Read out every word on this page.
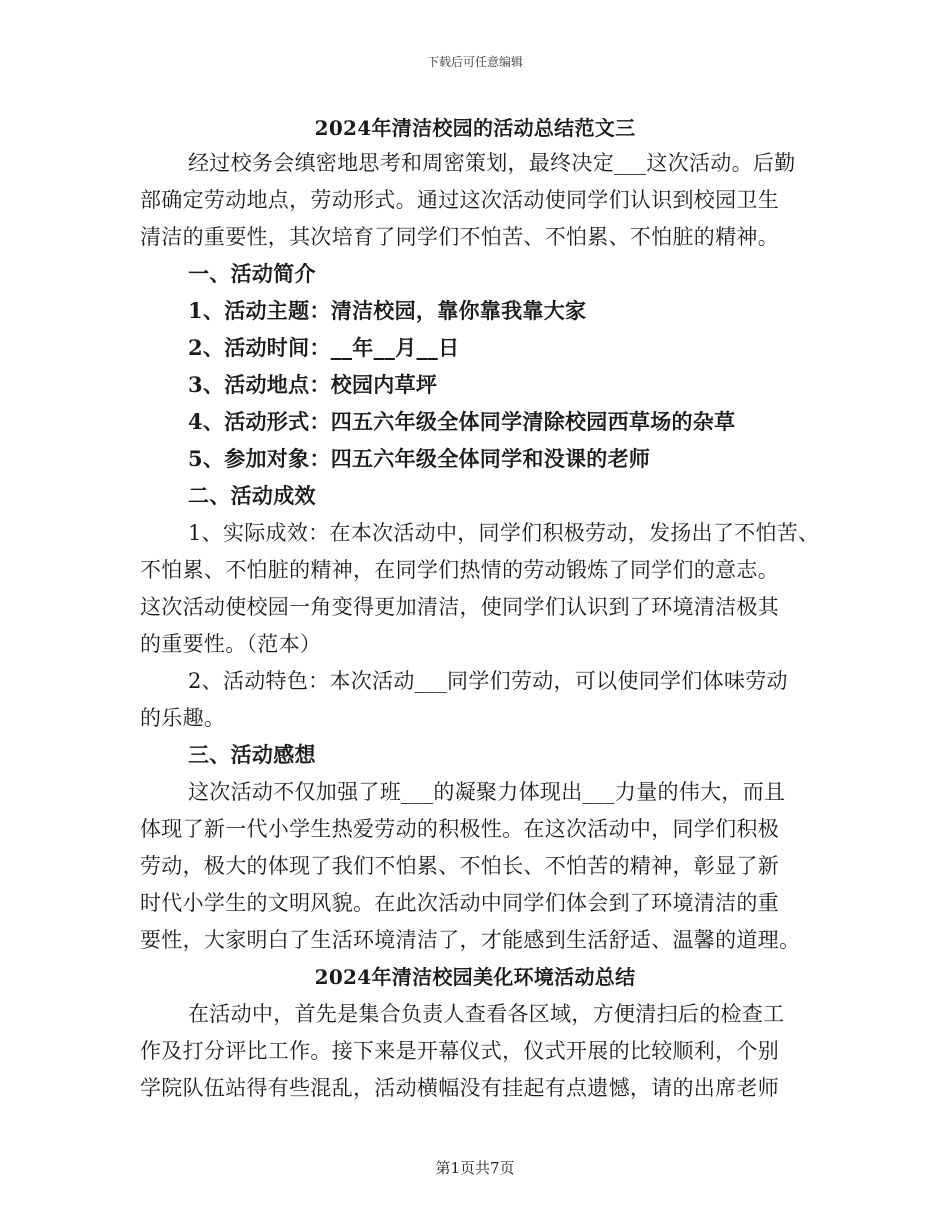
下载后可任意编辑
2024年清洁校园的活动总结范文三
经过校务会缜密地思考和周密策划，最终决定___这次活动。后勤
部确定劳动地点，劳动形式。通过这次活动使同学们认识到校园卫生
清洁的重要性，其次培育了同学们不怕苦、不怕累、不怕脏的精神。
一、活动简介
1、活动主题：清洁校园，靠你靠我靠大家
2、活动时间：__年__月__日
3、活动地点：校园内草坪
4、活动形式：四五六年级全体同学清除校园西草场的杂草
5、参加对象：四五六年级全体同学和没课的老师
二、活动成效
1、实际成效：在本次活动中，同学们积极劳动，发扬出了不怕苦、
不怕累、不怕脏的精神，在同学们热情的劳动锻炼了同学们的意志。
这次活动使校园一角变得更加清洁，使同学们认识到了环境清洁极其
的重要性。（范本）
2、活动特色：本次活动___同学们劳动，可以使同学们体味劳动
的乐趣。
三、活动感想
这次活动不仅加强了班___的凝聚力体现出___力量的伟大，而且
体现了新一代小学生热爱劳动的积极性。在这次活动中，同学们积极
劳动，极大的体现了我们不怕累、不怕长、不怕苦的精神，彰显了新
时代小学生的文明风貌。在此次活动中同学们体会到了环境清洁的重
要性，大家明白了生活环境清洁了，才能感到生活舒适、温馨的道理。
2024年清洁校园美化环境活动总结
在活动中，首先是集合负责人查看各区域，方便清扫后的检查工
作及打分评比工作。接下来是开幕仪式，仪式开展的比较顺利，个别
学院队伍站得有些混乱，活动横幅没有挂起有点遗憾，请的出席老师
第1页共7页
